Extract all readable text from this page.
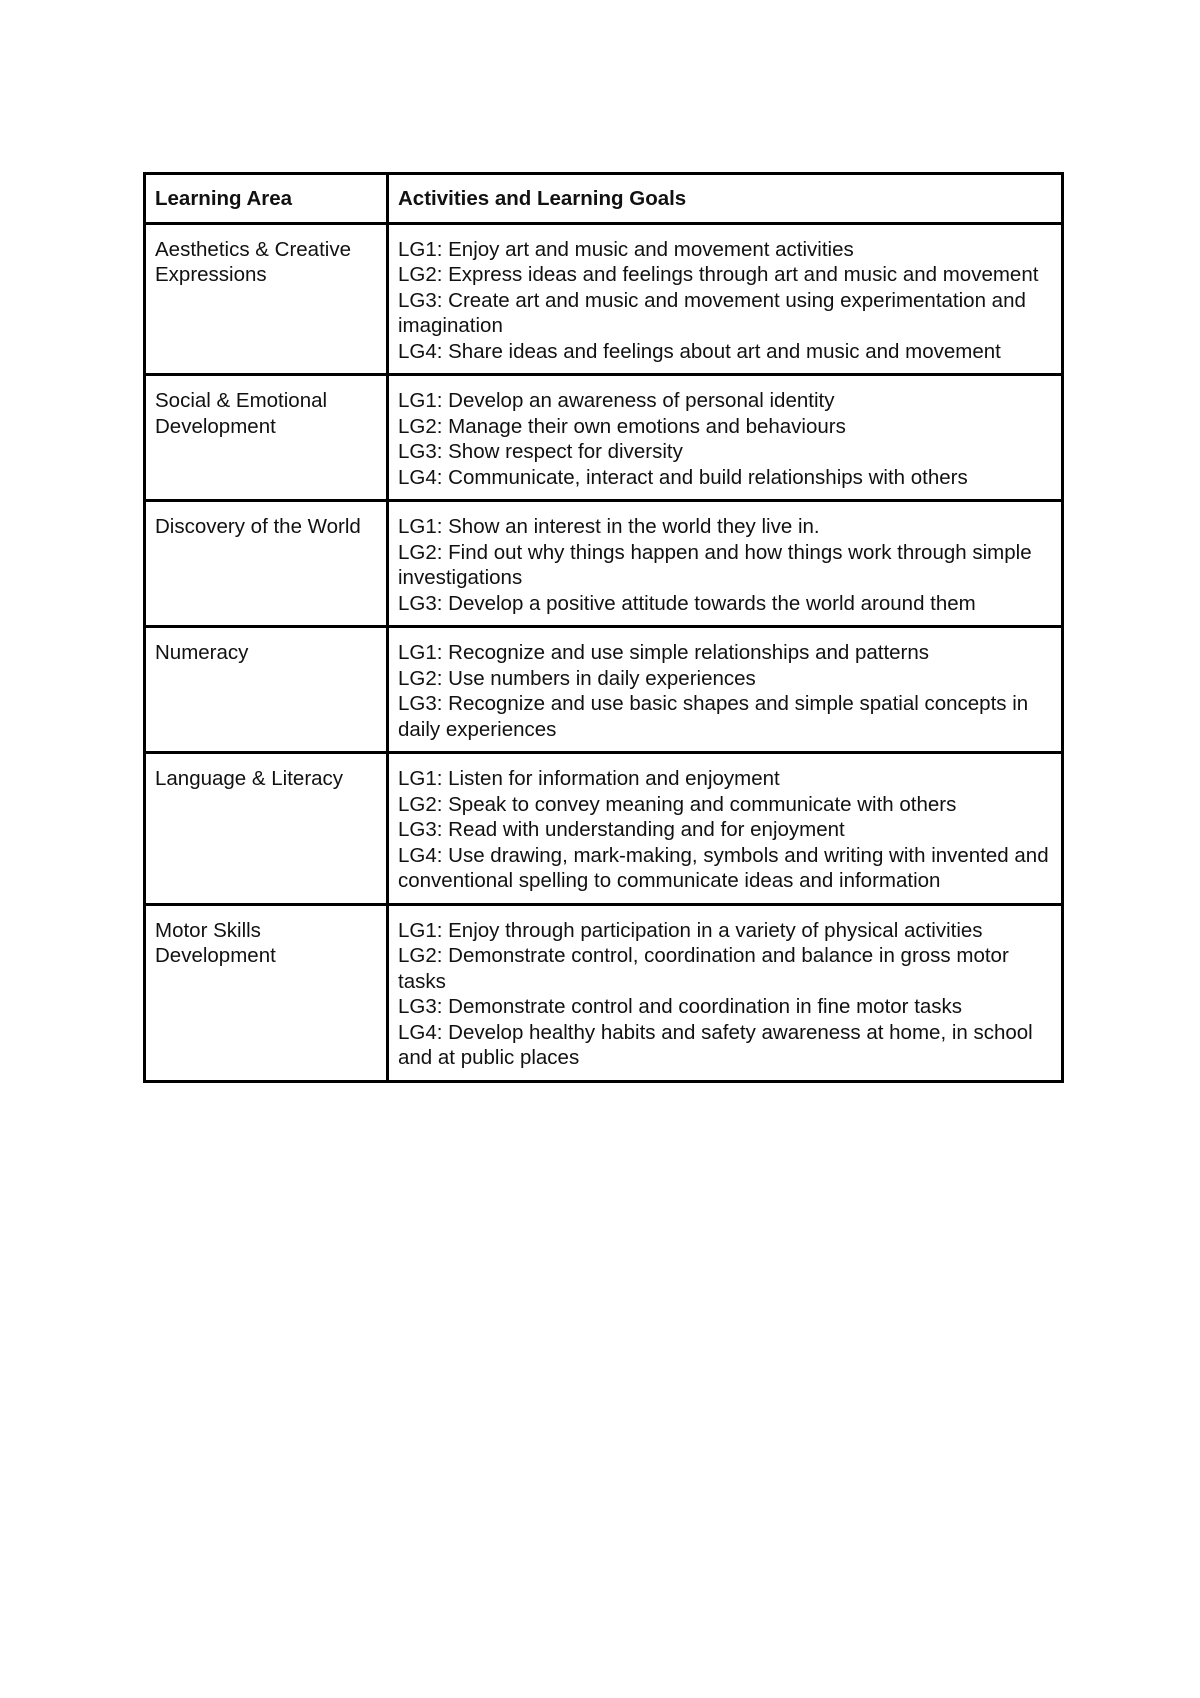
Learning Area	Activities and Learning Goals
Aesthetics & Creative Expressions	LG1: Enjoy art and music and movement activities
LG2: Express ideas and feelings through art and music and movement
LG3: Create art and music and movement using experimentation and imagination
LG4: Share ideas and feelings about art and music and movement

Social & Emotional Development	LG1: Develop an awareness of personal identity
LG2: Manage their own emotions and behaviours
LG3: Show respect for diversity
LG4: Communicate, interact and build relationships with others

Discovery of the World	LG1: Show an interest in the world they live in.
LG2: Find out why things happen and how things work through simple investigations
LG3: Develop a positive attitude towards the world around them

Numeracy	LG1: Recognize and use simple relationships and patterns
LG2: Use numbers in daily experiences
LG3: Recognize and use basic shapes and simple spatial concepts in daily experiences

Language & Literacy	LG1: Listen for information and enjoyment
LG2: Speak to convey meaning and communicate with others
LG3: Read with understanding and for enjoyment
LG4: Use drawing, mark-making, symbols and writing with invented and conventional spelling to communicate ideas and information

Motor Skills Development	LG1: Enjoy through participation in a variety of physical activities
LG2: Demonstrate control, coordination and balance in gross motor tasks
LG3: Demonstrate control and coordination in fine motor tasks
LG4: Develop healthy habits and safety awareness at home, in school
and at public places
